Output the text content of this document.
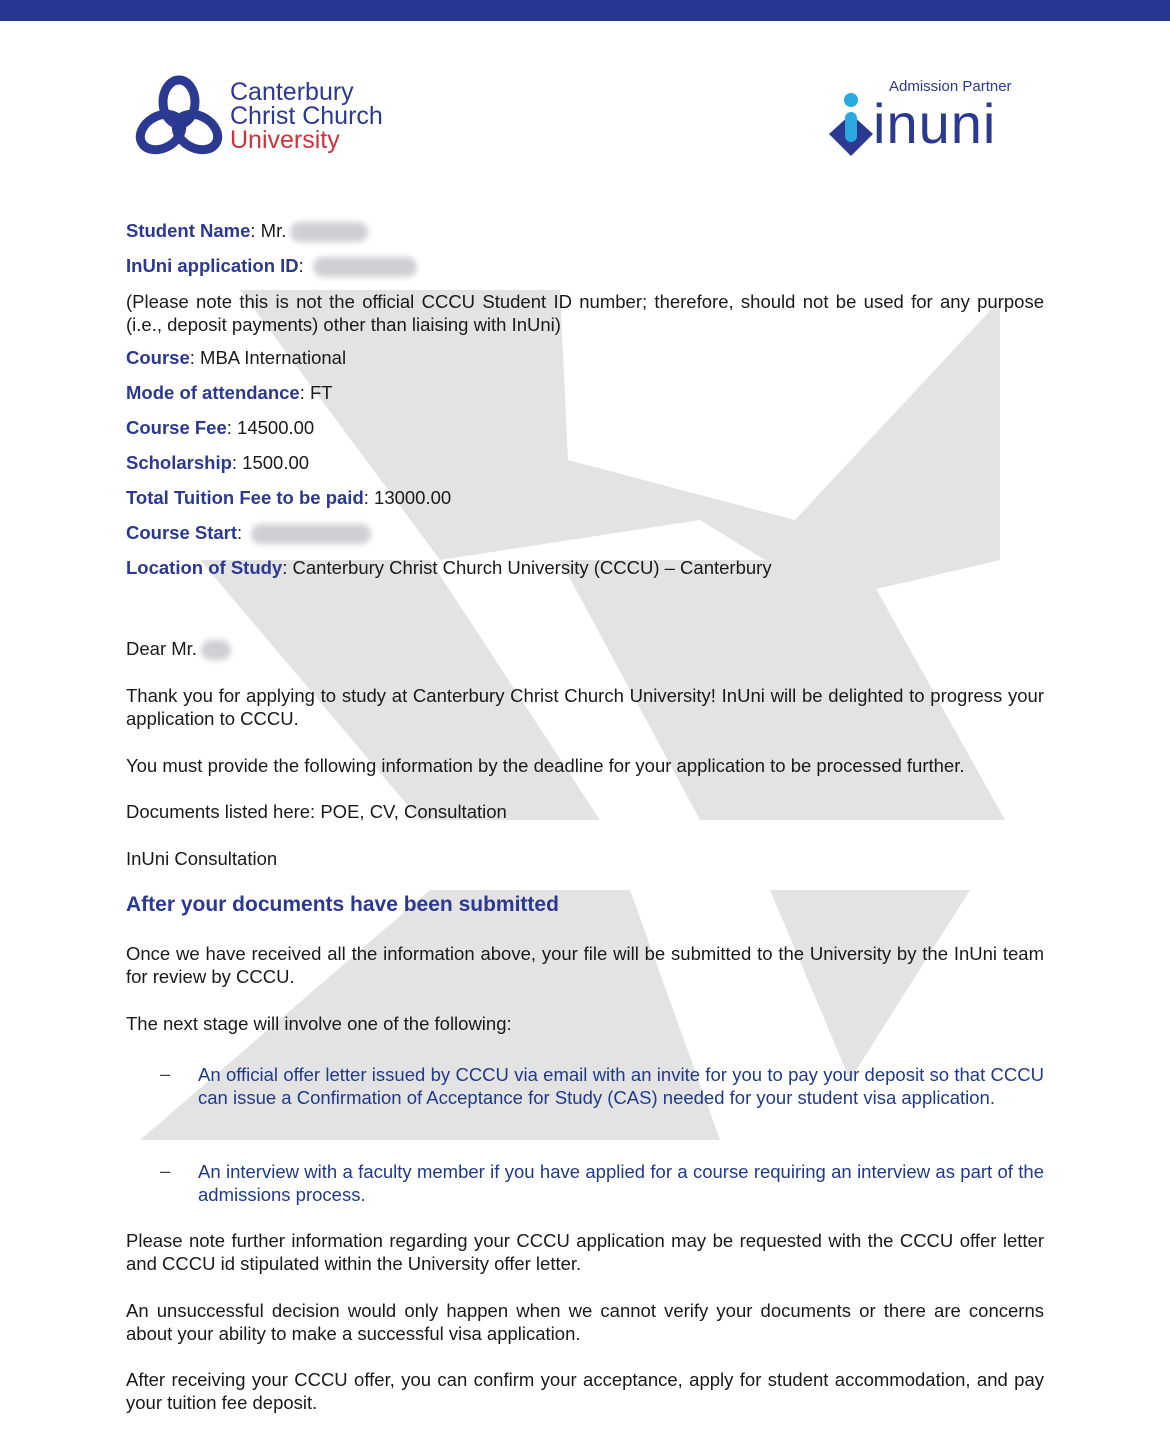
Canterbury
Christ Church
University
Admission Partner
inuni
Student Name: Mr.
InUni application ID:
(Please note this is not the official CCCU Student ID number; therefore, should not be used for any purpose (i.e., deposit payments) other than liaising with InUni)
Course: MBA International
Mode of attendance: FT
Course Fee: 14500.00
Scholarship: 1500.00
Total Tuition Fee to be paid: 13000.00
Course Start:
Location of Study: Canterbury Christ Church University (CCCU) – Canterbury
Dear Mr.
Thank you for applying to study at Canterbury Christ Church University! InUni will be delighted to progress your application to CCCU.
You must provide the following information by the deadline for your application to be processed further.
Documents listed here: POE, CV, Consultation
InUni Consultation
After your documents have been submitted
Once we have received all the information above, your file will be submitted to the University by the InUni team for review by CCCU.
The next stage will involve one of the following:
– An official offer letter issued by CCCU via email with an invite for you to pay your deposit so that CCCU can issue a Confirmation of Acceptance for Study (CAS) needed for your student visa application.
– An interview with a faculty member if you have applied for a course requiring an interview as part of the admissions process.
Please note further information regarding your CCCU application may be requested with the CCCU offer letter and CCCU id stipulated within the University offer letter.
An unsuccessful decision would only happen when we cannot verify your documents or there are concerns about your ability to make a successful visa application.
After receiving your CCCU offer, you can confirm your acceptance, apply for student accommodation, and pay your tuition fee deposit.
